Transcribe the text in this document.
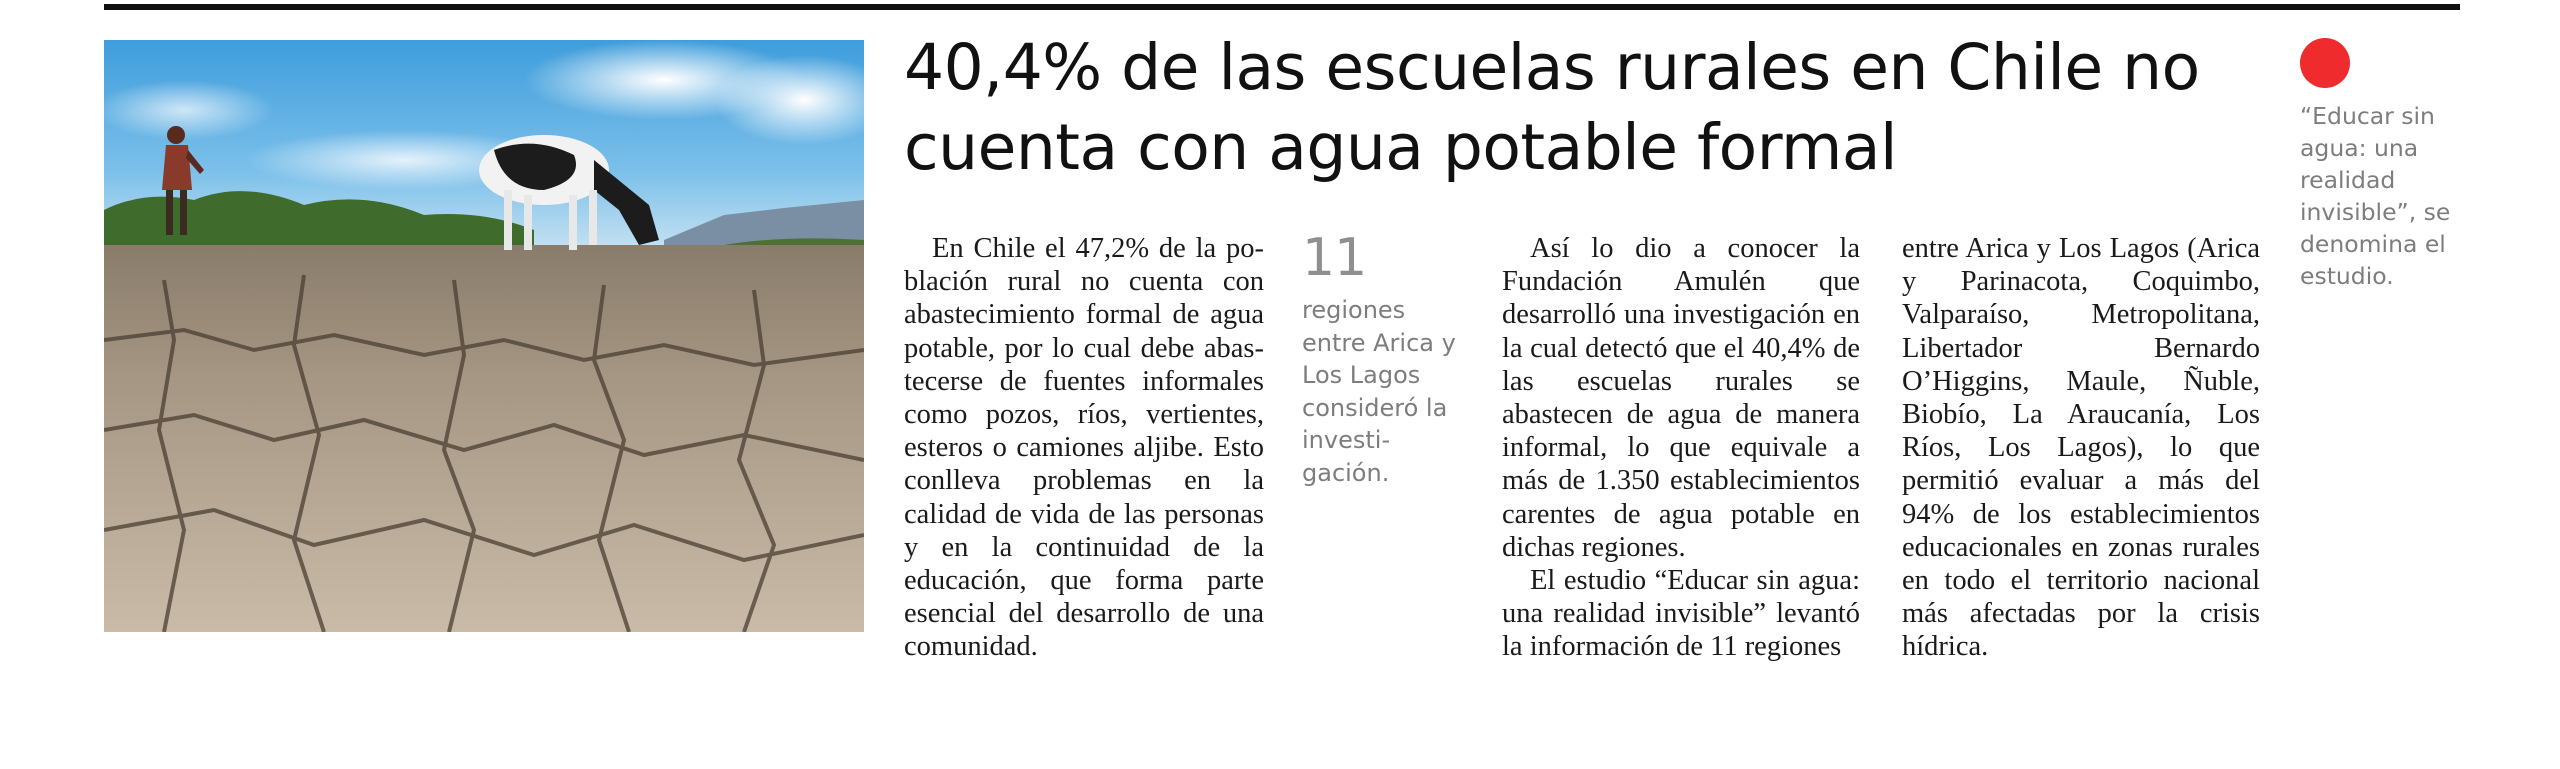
40,4% de las escuelas rurales en Chile no cuenta con agua potable formal

En Chile el 47,2% de la población rural no cuenta con abastecimiento formal de agua potable, por lo cual debe abastecerse de fuentes informales como pozos, ríos, vertientes, esteros o camiones aljibe. Esto conlleva problemas en la calidad de vida de las personas y en la continuidad de la educación, que forma parte esencial del desarrollo de una comunidad.

11
regiones entre Arica y Los Lagos consideró la investigación.

Así lo dio a conocer la Fundación Amulén que desarrolló una investigación en la cual detectó que el 40,4% de las escuelas rurales se abastecen de agua de manera informal, lo que equivale a más de 1.350 establecimientos carentes de agua potable en dichas regiones.

El estudio “Educar sin agua: una realidad invisible” levantó la información de 11 regiones

entre Arica y Los Lagos (Arica y Parinacota, Coquimbo, Valparaíso, Metropolitana, Libertador Bernardo O’Higgins, Maule, Ñuble, Biobío, La Araucanía, Los Ríos, Los Lagos), lo que permitió evaluar a más del 94% de los establecimientos educacionales en zonas rurales en todo el territorio nacional más afectadas por la crisis hídrica.

“Educar sin agua: una realidad invisible”, se denomina el estudio.
